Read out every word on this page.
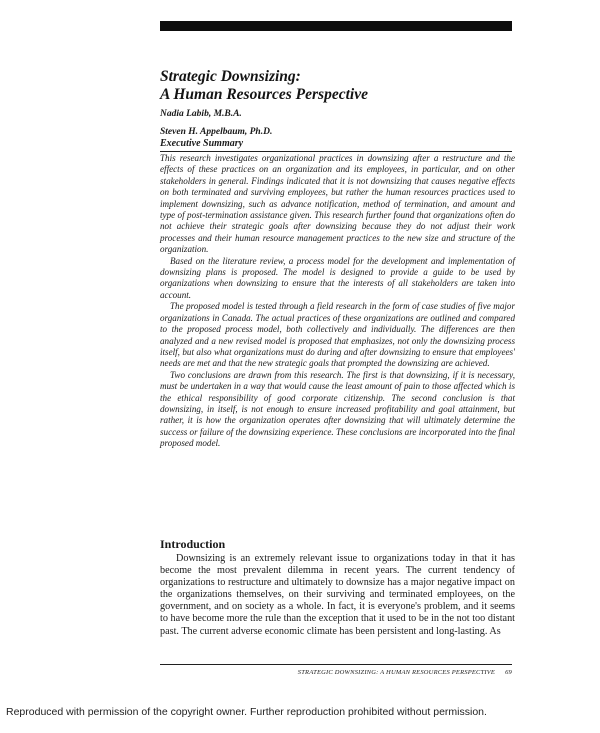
Strategic Downsizing:
A Human Resources Perspective
Nadia Labib, M.B.A.
Steven H. Appelbaum, Ph.D.
Executive Summary

This research investigates organizational practices in downsizing after a restructure and the effects of these practices on an organization and its employees, in particular, and on other stakeholders in general. Findings indicated that it is not downsizing that causes negative effects on both terminated and surviving employees, but rather the human resources practices used to implement downsizing, such as advance notification, method of termination, and amount and type of post-termination assistance given. This research further found that organizations often do not achieve their strategic goals after downsizing because they do not adjust their work processes and their human resource management practices to the new size and structure of the organization.

Based on the literature review, a process model for the development and implementation of downsizing plans is proposed. The model is designed to provide a guide to be used by organizations when downsizing to ensure that the interests of all stakeholders are taken into account.

The proposed model is tested through a field research in the form of case studies of five major organizations in Canada. The actual practices of these organizations are outlined and compared to the proposed process model, both collectively and individually. The differences are then analyzed and a new revised model is proposed that emphasizes, not only the downsizing process itself, but also what organizations must do during and after downsizing to ensure that employees' needs are met and that the new strategic goals that prompted the downsizing are achieved.

Two conclusions are drawn from this research. The first is that downsizing, if it is necessary, must be undertaken in a way that would cause the least amount of pain to those affected which is the ethical responsibility of good corporate citizenship. The second conclusion is that downsizing, in itself, is not enough to ensure increased profitability and goal attainment, but rather, it is how the organization operates after downsizing that will ultimately determine the success or failure of the downsizing experience. These conclusions are incorporated into the final proposed model.

Introduction

Downsizing is an extremely relevant issue to organizations today in that it has become the most prevalent dilemma in recent years. The current tendency of organizations to restructure and ultimately to downsize has a major negative impact on the organizations themselves, on their surviving and terminated employees, on the government, and on society as a whole. In fact, it is everyone's problem, and it seems to have become more the rule than the exception that it used to be in the not too distant past. The current adverse economic climate has been persistent and long-lasting. As

STRATEGIC DOWNSIZING: A HUMAN RESOURCES PERSPECTIVE 69
Reproduced with permission of the copyright owner. Further reproduction prohibited without permission.
